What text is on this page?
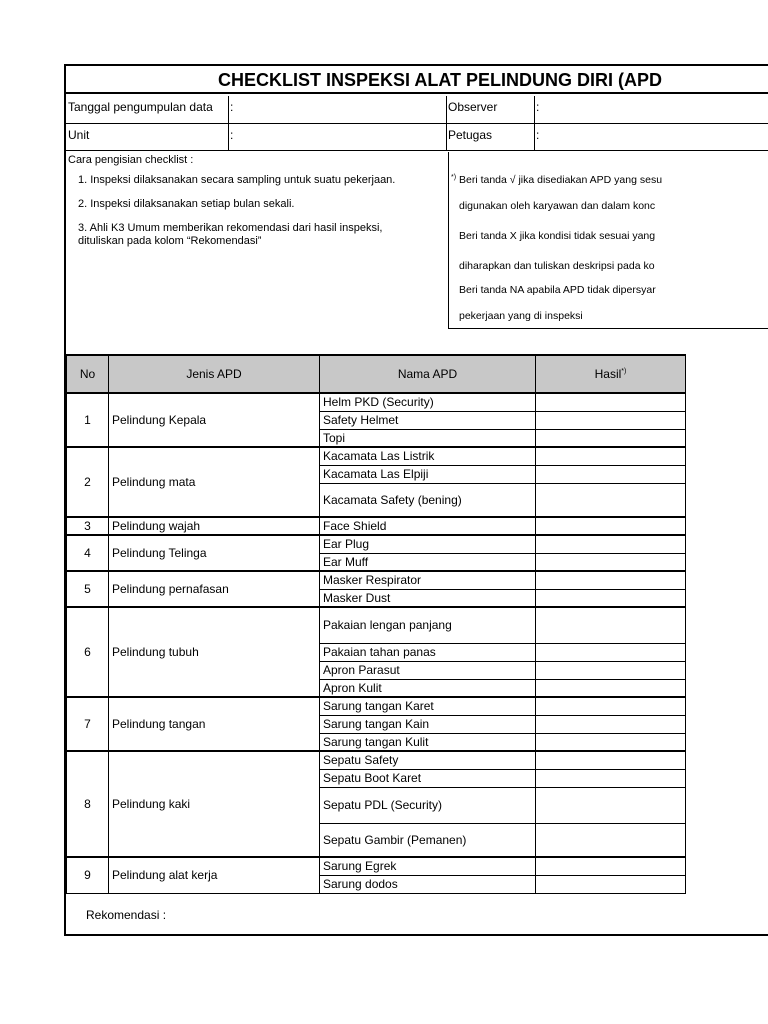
CHECKLIST INSPEKSI ALAT PELINDUNG DIRI (APD
Tanggal pengumpulan data :	Observer	:
Unit	:	Petugas	:
Cara pengisian checklist :
1. Inspeksi dilaksanakan secara sampling untuk suatu pekerjaan.
2. Inspeksi dilaksanakan setiap bulan sekali.
3. Ahli K3 Umum memberikan rekomendasi dari hasil inspeksi,
dituliskan pada kolom “Rekomendasi”
*) Beri tanda √ jika disediakan APD yang sesu
digunakan oleh karyawan dan dalam konc
Beri tanda X jika kondisi tidak sesuai yang
diharapkan dan tuliskan deskripsi pada ko
Beri tanda NA apabila APD tidak dipersyar
pekerjaan yang di inspeksi
No	Jenis APD	Nama APD	Hasil*)
1	Pelindung Kepala	Helm PKD (Security)	
		Safety Helmet	
		Topi	
2	Pelindung mata	Kacamata Las Listrik	
		Kacamata Las Elpiji	
		Kacamata Safety (bening)	
3	Pelindung wajah	Face Shield	
4	Pelindung Telinga	Ear Plug	
		Ear Muff	
5	Pelindung pernafasan	Masker Respirator	
		Masker Dust	
6	Pelindung tubuh	Pakaian lengan panjang	
		Pakaian tahan panas	
		Apron Parasut	
		Apron Kulit	
7	Pelindung tangan	Sarung tangan Karet	
		Sarung tangan Kain	
		Sarung tangan Kulit	
8	Pelindung kaki	Sepatu Safety	
		Sepatu Boot Karet	
		Sepatu PDL (Security)	
		Sepatu Gambir (Pemanen)	
9	Pelindung alat kerja	Sarung Egrek	
		Sarung dodos	
Rekomendasi :
